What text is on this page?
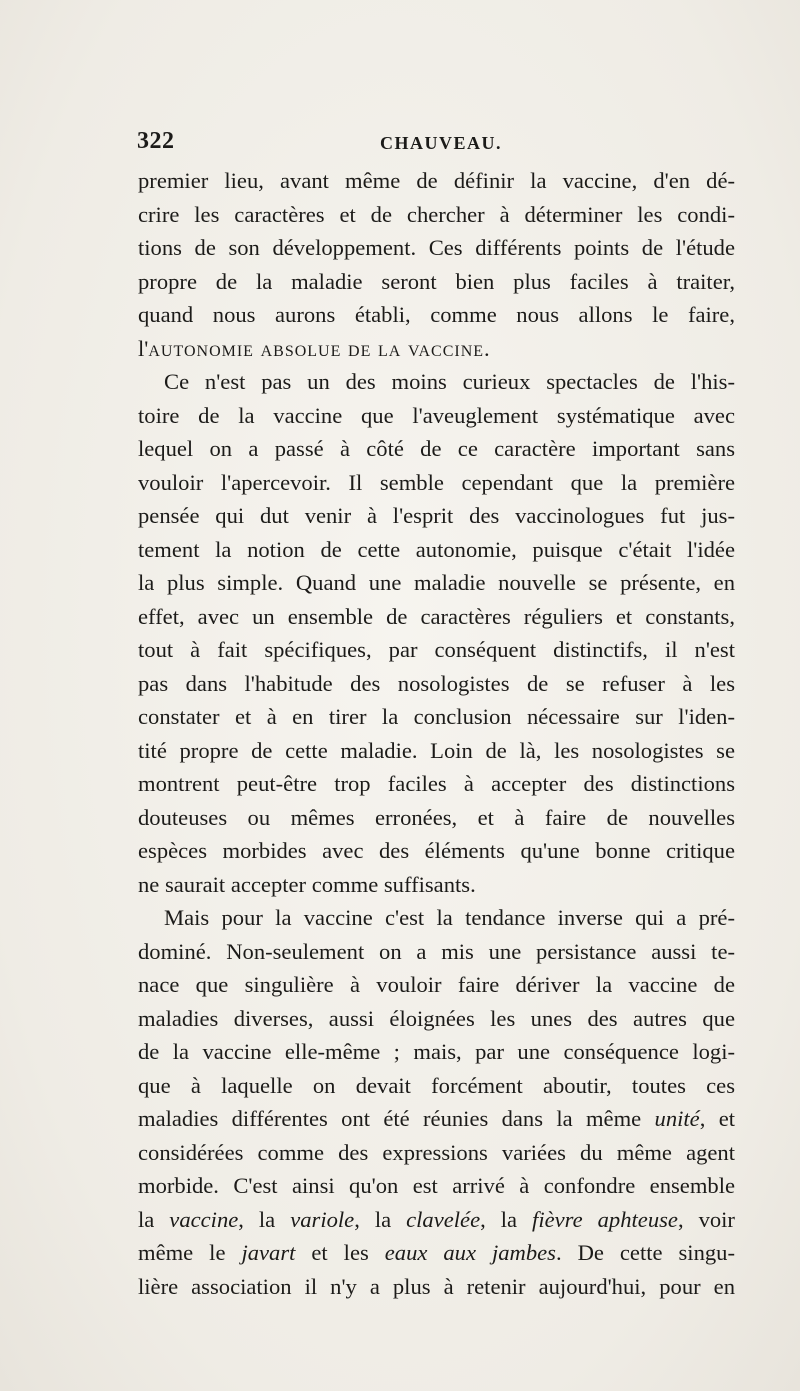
322	CHAUVEAU.
premier lieu, avant même de définir la vaccine, d'en dé-
crire les caractères et de chercher à déterminer les condi-
tions de son développement. Ces différents points de l'étude
propre de la maladie seront bien plus faciles à traiter,
quand nous aurons établi, comme nous allons le faire,
l'autonomie absolue de la vaccine.
Ce n'est pas un des moins curieux spectacles de l'his-
toire de la vaccine que l'aveuglement systématique avec
lequel on a passé à côté de ce caractère important sans
vouloir l'apercevoir. Il semble cependant que la première
pensée qui dut venir à l'esprit des vaccinologues fut jus-
tement la notion de cette autonomie, puisque c'était l'idée
la plus simple. Quand une maladie nouvelle se présente, en
effet, avec un ensemble de caractères réguliers et constants,
tout à fait spécifiques, par conséquent distinctifs, il n'est
pas dans l'habitude des nosologistes de se refuser à les
constater et à en tirer la conclusion nécessaire sur l'iden-
tité propre de cette maladie. Loin de là, les nosologistes se
montrent peut-être trop faciles à accepter des distinctions
douteuses ou mêmes erronées, et à faire de nouvelles
espèces morbides avec des éléments qu'une bonne critique
ne saurait accepter comme suffisants.
Mais pour la vaccine c'est la tendance inverse qui a pré-
dominé. Non-seulement on a mis une persistance aussi te-
nace que singulière à vouloir faire dériver la vaccine de
maladies diverses, aussi éloignées les unes des autres que
de la vaccine elle-même ; mais, par une conséquence logi-
que à laquelle on devait forcément aboutir, toutes ces
maladies différentes ont été réunies dans la même unité, et
considérées comme des expressions variées du même agent
morbide. C'est ainsi qu'on est arrivé à confondre ensemble
la vaccine, la variole, la clavelée, la fièvre aphteuse, voir
même le javart et les eaux aux jambes. De cette singu-
lière association il n'y a plus à retenir aujourd'hui, pour en
